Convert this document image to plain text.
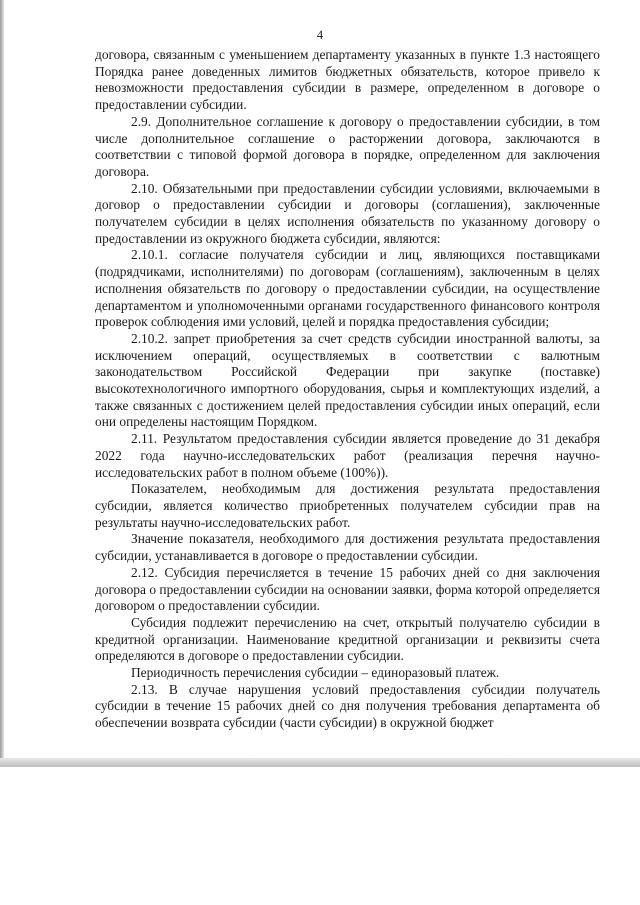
4

договора, связанным с уменьшением департаменту указанных в пункте 1.3 настоящего Порядка ранее доведенных лимитов бюджетных обязательств, которое привело к невозможности предоставления субсидии в размере, определенном в договоре о предоставлении субсидии.

2.9. Дополнительное соглашение к договору о предоставлении субсидии, в том числе дополнительное соглашение о расторжении договора, заключаются в соответствии с типовой формой договора в порядке, определенном для заключения договора.

2.10. Обязательными при предоставлении субсидии условиями, включаемыми в договор о предоставлении субсидии и договоры (соглашения), заключенные получателем субсидии в целях исполнения обязательств по указанному договору о предоставлении из окружного бюджета субсидии, являются:

2.10.1. согласие получателя субсидии и лиц, являющихся поставщиками (подрядчиками, исполнителями) по договорам (соглашениям), заключенным в целях исполнения обязательств по договору о предоставлении субсидии, на осуществление департаментом и уполномоченными органами государственного финансового контроля проверок соблюдения ими условий, целей и порядка предоставления субсидии;

2.10.2. запрет приобретения за счет средств субсидии иностранной валюты, за исключением операций, осуществляемых в соответствии с валютным законодательством Российской Федерации при закупке (поставке) высокотехнологичного импортного оборудования, сырья и комплектующих изделий, а также связанных с достижением целей предоставления субсидии иных операций, если они определены настоящим Порядком.

2.11. Результатом предоставления субсидии является проведение до 31 декабря 2022 года научно-исследовательских работ (реализация перечня научно-исследовательских работ в полном объеме (100%)).

Показателем, необходимым для достижения результата предоставления субсидии, является количество приобретенных получателем субсидии прав на результаты научно-исследовательских работ.

Значение показателя, необходимого для достижения результата предоставления субсидии, устанавливается в договоре о предоставлении субсидии.

2.12. Субсидия перечисляется в течение 15 рабочих дней со дня заключения договора о предоставлении субсидии на основании заявки, форма которой определяется договором о предоставлении субсидии.

Субсидия подлежит перечислению на счет, открытый получателю субсидии в кредитной организации. Наименование кредитной организации и реквизиты счета определяются в договоре о предоставлении субсидии.

Периодичность перечисления субсидии – единоразовый платеж.

2.13. В случае нарушения условий предоставления субсидии получатель субсидии в течение 15 рабочих дней со дня получения требования департамента об обеспечении возврата субсидии (части субсидии) в окружной бюджет
